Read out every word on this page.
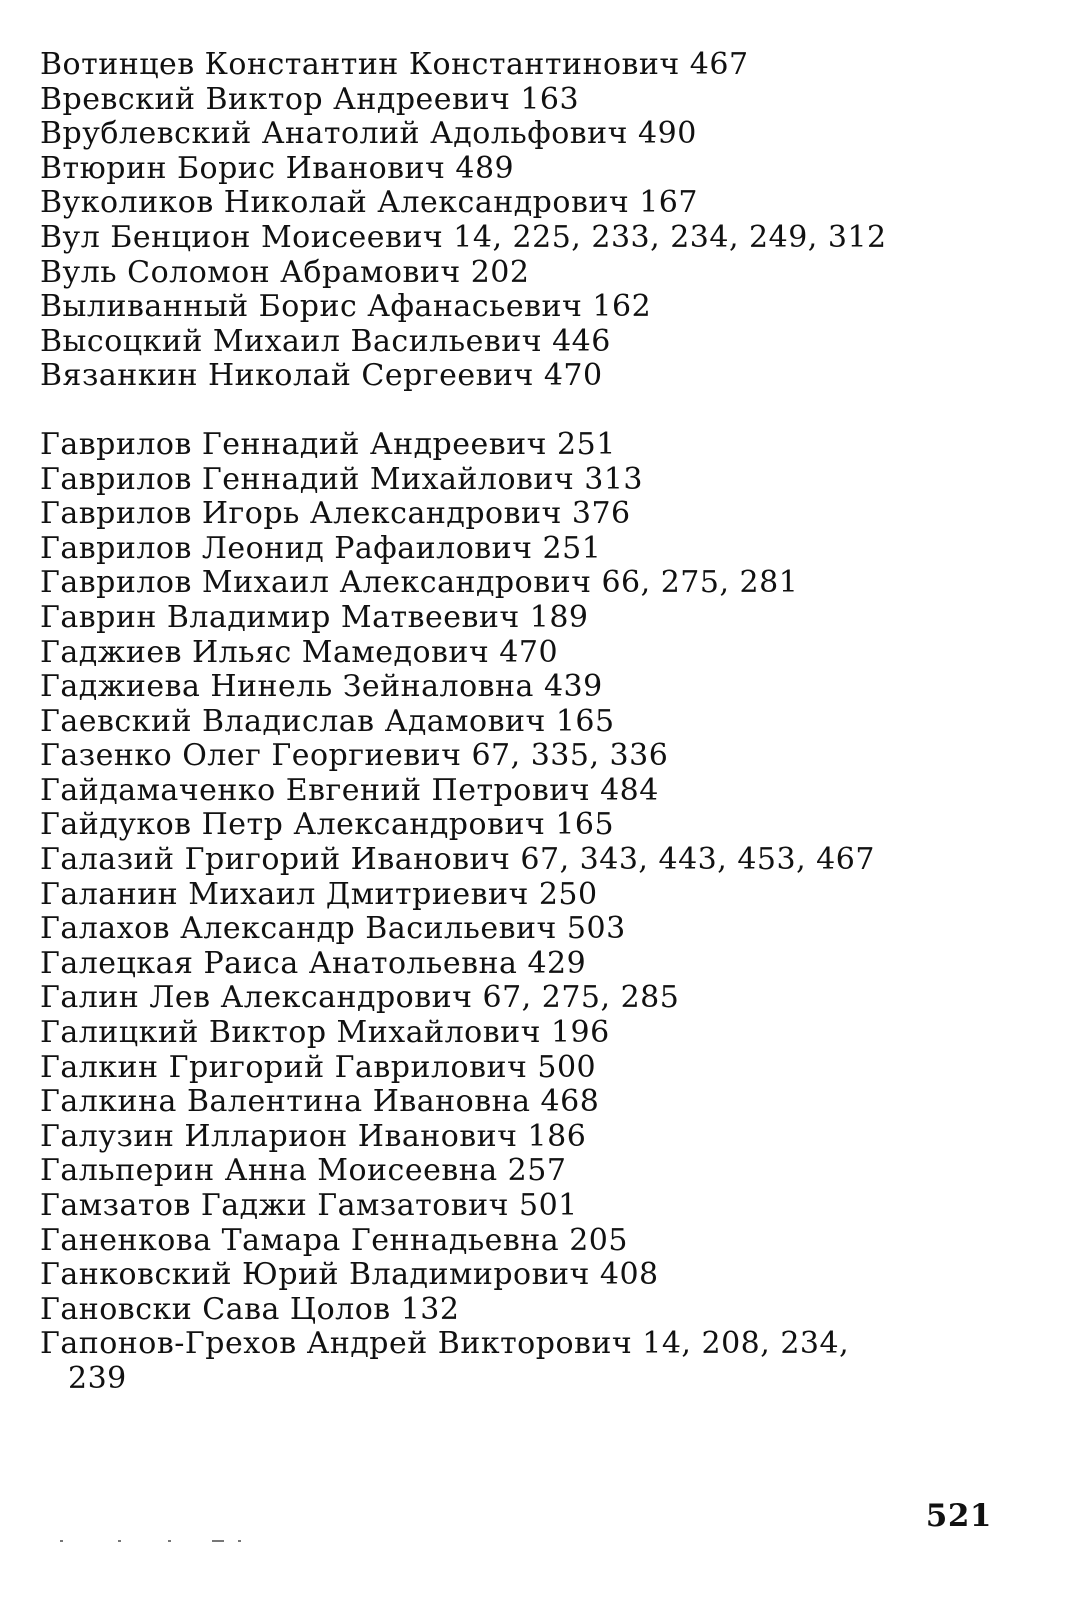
Вотинцев Константин Константинович 467
Вревский Виктор Андреевич 163
Врублевский Анатолий Адольфович 490
Втюрин Борис Иванович 489
Вуколиков Николай Александрович 167
Вул Бенцион Моисеевич 14, 225, 233, 234, 249, 312
Вуль Соломон Абрамович 202
Выливанный Борис Афанасьевич 162
Высоцкий Михаил Васильевич 446
Вязанкин Николай Сергеевич 470
Гаврилов Геннадий Андреевич 251
Гаврилов Геннадий Михайлович 313
Гаврилов Игорь Александрович 376
Гаврилов Леонид Рафаилович 251
Гаврилов Михаил Александрович 66, 275, 281
Гаврин Владимир Матвеевич 189
Гаджиев Ильяс Мамедович 470
Гаджиева Нинель Зейналовна 439
Гаевский Владислав Адамович 165
Газенко Олег Георгиевич 67, 335, 336
Гайдамаченко Евгений Петрович 484
Гайдуков Петр Александрович 165
Галазий Григорий Иванович 67, 343, 443, 453, 467
Галанин Михаил Дмитриевич 250
Галахов Александр Васильевич 503
Галецкая Раиса Анатольевна 429
Галин Лев Александрович 67, 275, 285
Галицкий Виктор Михайлович 196
Галкин Григорий Гаврилович 500
Галкина Валентина Ивановна 468
Галузин Илларион Иванович 186
Гальперин Анна Моисеевна 257
Гамзатов Гаджи Гамзатович 501
Ганенкова Тамара Геннадьевна 205
Ганковский Юрий Владимирович 408
Гановски Сава Цолов 132
Гапонов-Грехов Андрей Викторович 14, 208, 234,
239
521
